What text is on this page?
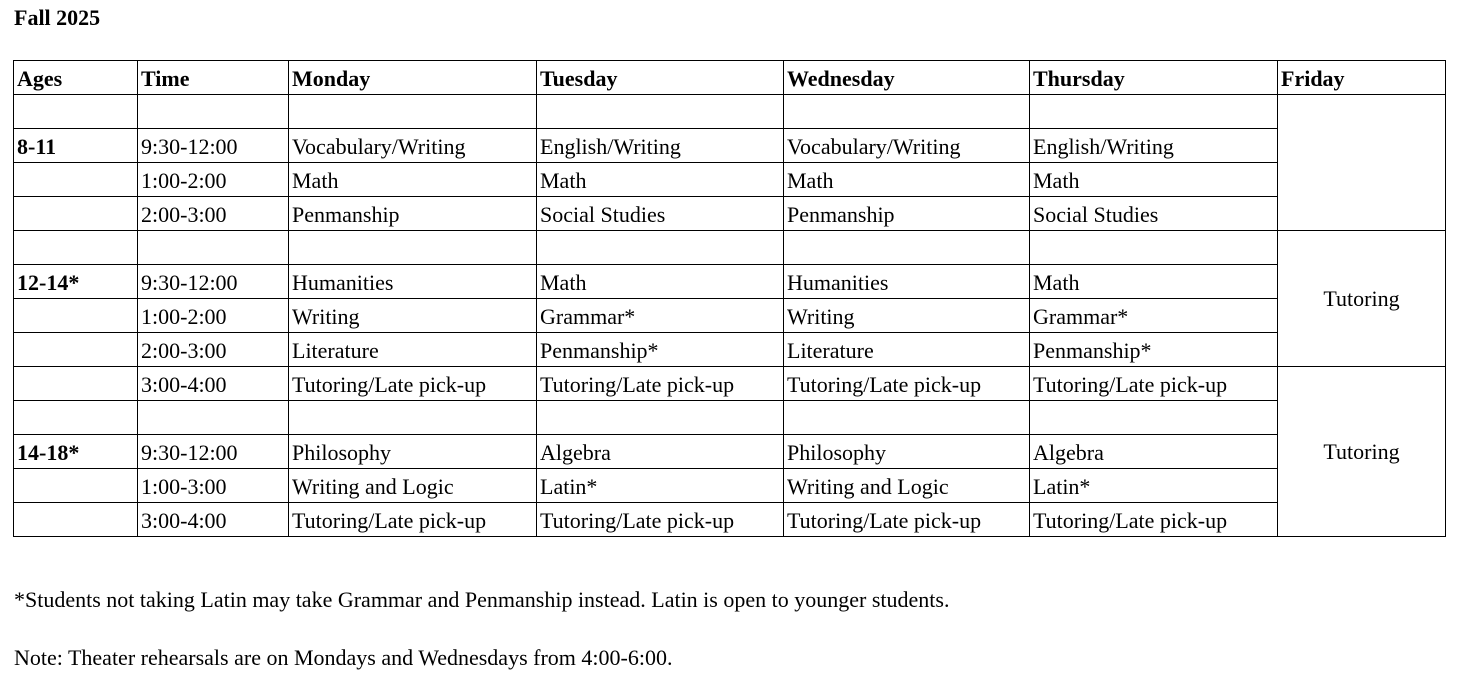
Fall 2025
Ages	Time	Monday	Tuesday	Wednesday	Thursday	Friday

8-11	9:30-12:00	Vocabulary/Writing	English/Writing	Vocabulary/Writing	English/Writing	
	1:00-2:00	Math	Math	Math	Math	
	2:00-3:00	Penmanship	Social Studies	Penmanship	Social Studies	
						Tutoring
12-14*	9:30-12:00	Humanities	Math	Humanities	Math	
	1:00-2:00	Writing	Grammar*	Writing	Grammar*	
	2:00-3:00	Literature	Penmanship*	Literature	Penmanship*	
	3:00-4:00	Tutoring/Late pick-up	Tutoring/Late pick-up	Tutoring/Late pick-up	Tutoring/Late pick-up	Tutoring

14-18*	9:30-12:00	Philosophy	Algebra	Philosophy	Algebra	
	1:00-3:00	Writing and Logic	Latin*	Writing and Logic	Latin*	
	3:00-4:00	Tutoring/Late pick-up	Tutoring/Late pick-up	Tutoring/Late pick-up	Tutoring/Late pick-up	
*Students not taking Latin may take Grammar and Penmanship instead. Latin is open to younger students.
Note: Theater rehearsals are on Mondays and Wednesdays from 4:00-6:00.
